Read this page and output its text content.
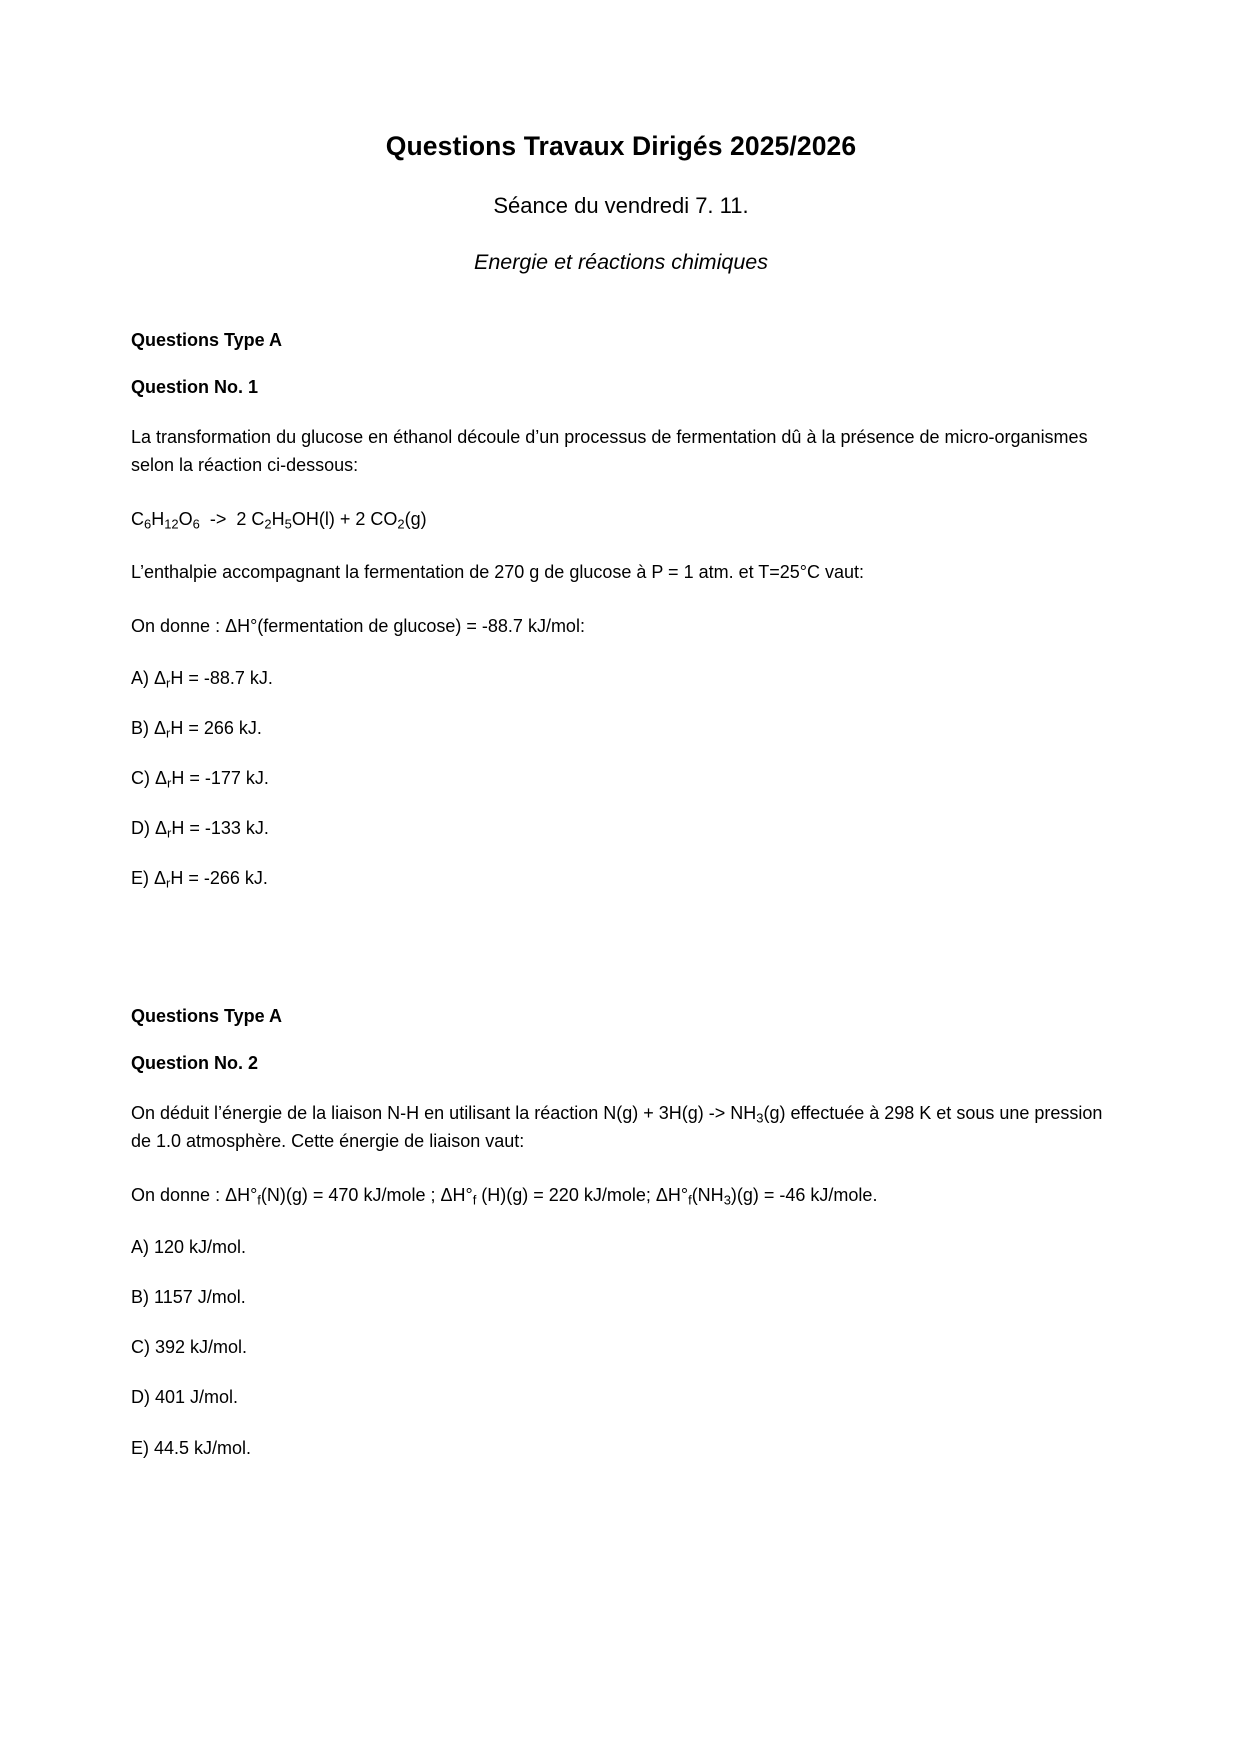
Questions Travaux Dirigés 2025/2026

Séance du vendredi 7. 11.

Energie et réactions chimiques

Questions Type A
Question No. 1

La transformation du glucose en éthanol découle d’un processus de fermentation dû à la présence de micro-organismes selon la réaction ci-dessous:

$C_6H_{12}O_6 -> 2$ $C_2H_5OH(l) + 2$ $CO_2(g)$

L’enthalpie accompagnant la fermentation de 270 g de glucose à P = 1 atm. et T=25°C vaut:

On donne : ΔH°(fermentation de glucose) = -88.7 kJ/mol:

A) $\Delta_rH = -88.7$ kJ.
B) $\Delta_rH = 266$ kJ.
C) $\Delta_rH = -177$ kJ.
D) $\Delta_rH = -133$ kJ.
E) $\Delta_rH = -266$ kJ.
Questions Type A
Question No. 2

On déduit l’énergie de la liaison N-H en utilisant la réaction $N(g) + 3H(g) -> NH_3(g)$ effectuée à 298 K et sous une pression de 1.0 atmosphère. Cette énergie de liaison vaut:

On donne : $\Delta H^\circ_f(N)(g) = 470$ kJ/mole ; $\Delta H^\circ_f$ (H)(g) = 220 kJ/mole; $\Delta H^\circ_f(NH_3)(g) = -46$ kJ/mole.

A) 120 kJ/mol.
B) 1157 J/mol.
C) 392 kJ/mol.
D) 401 J/mol.
E) 44.5 kJ/mol.
